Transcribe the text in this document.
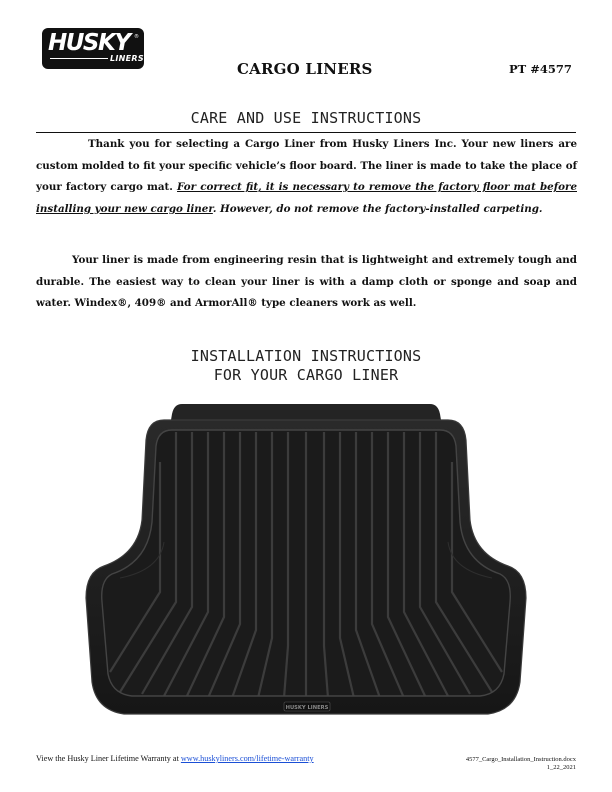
HUSKY ®
LINERS
CARGO LINERS	PT #4577
CARE AND USE INSTRUCTIONS
Thank you for selecting a Cargo Liner from Husky Liners Inc. Your new liners are custom molded to fit your specific vehicle’s floor board. The liner is made to take the place of your factory cargo mat. For correct fit, it is necessary to remove the factory floor mat before installing your new cargo liner. However, do not remove the factory-installed carpeting.
Your liner is made from engineering resin that is lightweight and extremely tough and durable. The easiest way to clean your liner is with a damp cloth or sponge and soap and water. Windex®, 409® and ArmorAll® type cleaners work as well.
INSTALLATION INSTRUCTIONS
FOR YOUR CARGO LINER
HUSKY LINERS
View the Husky Liner Lifetime Warranty at www.huskyliners.com/lifetime-warranty	4577_Cargo_Installation_Instruction.docx
1_22_2021
